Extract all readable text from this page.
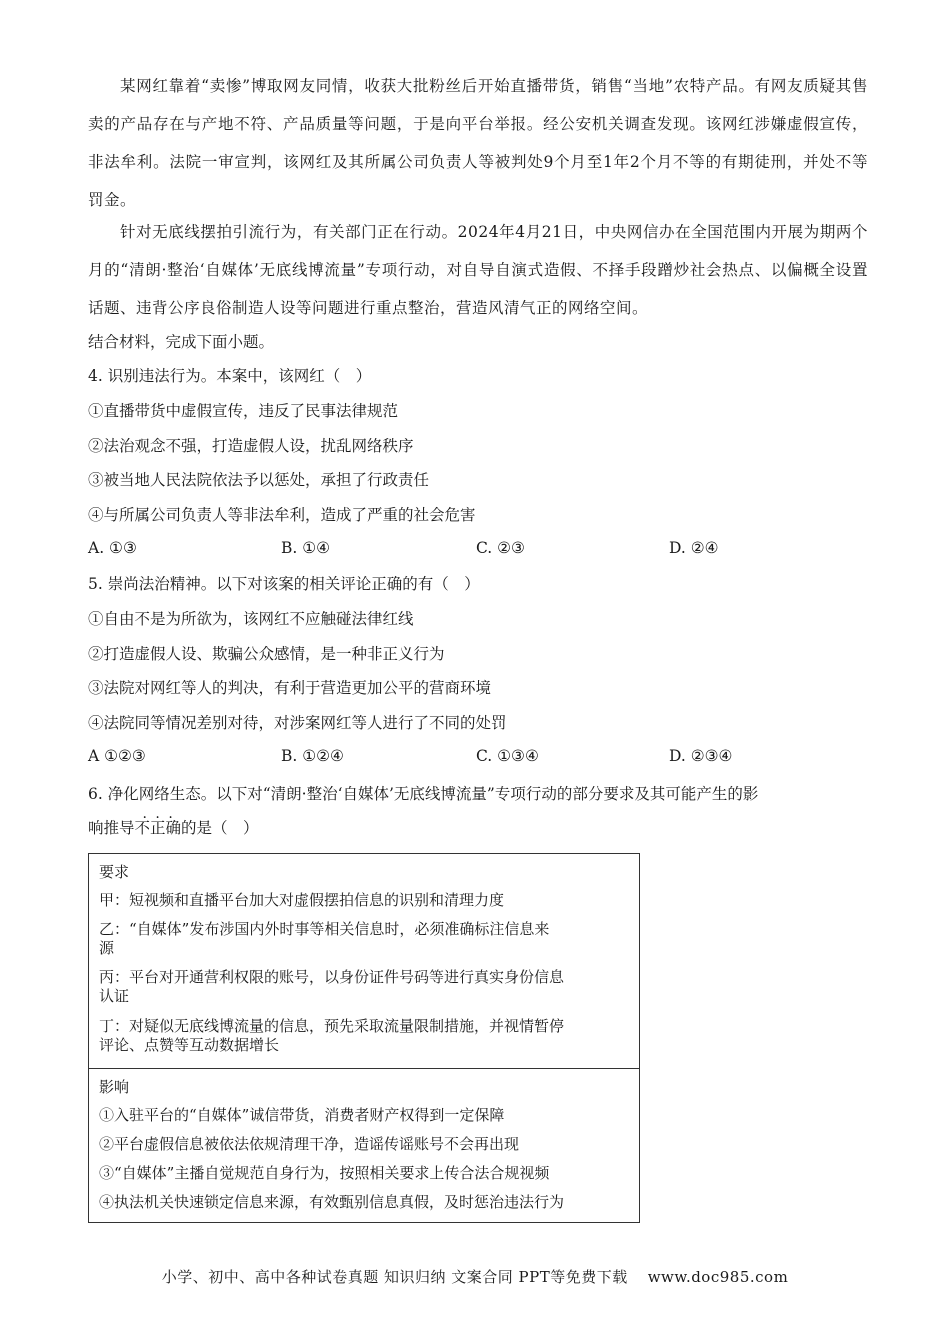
某网红靠着“卖惨”博取网友同情，收获大批粉丝后开始直播带货，销售“当地”农特产品。有网友质疑其售卖的产品存在与产地不符、产品质量等问题，于是向平台举报。经公安机关调查发现。该网红涉嫌虚假宣传，非法牟利。法院一审宣判，该网红及其所属公司负责人等被判处9个月至1年2个月不等的有期徒刑，并处不等罚金。
针对无底线摆拍引流行为，有关部门正在行动。2024年4月21日，中央网信办在全国范围内开展为期两个月的“清朗·整治‘自媒体’无底线博流量”专项行动，对自导自演式造假、不择手段蹭炒社会热点、以偏概全设置话题、违背公序良俗制造人设等问题进行重点整治，营造风清气正的网络空间。
结合材料，完成下面小题。
4. 识别违法行为。本案中，该网红（　）
①直播带货中虚假宣传，违反了民事法律规范
②法治观念不强，打造虚假人设，扰乱网络秩序
③被当地人民法院依法予以惩处，承担了行政责任
④与所属公司负责人等非法牟利，造成了严重的社会危害
A. ①③	B. ①④	C. ②③	D. ②④
5. 崇尚法治精神。以下对该案的相关评论正确的有（　）
①自由不是为所欲为，该网红不应触碰法律红线
②打造虚假人设、欺骗公众感情，是一种非正义行为
③法院对网红等人的判决，有利于营造更加公平的营商环境
④法院同等情况差别对待，对涉案网红等人进行了不同的处罚
A ①②③	B. ①②④	C. ①③④	D. ②③④
6. 净化网络生态。以下对“清朗·整治‘自媒体’无底线博流量”专项行动的部分要求及其可能产生的影
响推导不正确 · · ·的是（　）
要求
甲：短视频和直播平台加大对虚假摆拍信息的识别和清理力度
乙：“自媒体”发布涉国内外时事等相关信息时，必须准确标注信息来
源
丙：平台对开通营利权限的账号，以身份证件号码等进行真实身份信息
认证
丁：对疑似无底线博流量的信息，预先采取流量限制措施，并视情暂停
评论、点赞等互动数据增长
影响
①入驻平台的“自媒体”诚信带货，消费者财产权得到一定保障
②平台虚假信息被依法依规清理干净，造谣传谣账号不会再出现
③“自媒体”主播自觉规范自身行为，按照相关要求上传合法合规视频
④执法机关快速锁定信息来源，有效甄别信息真假，及时惩治违法行为
小学、初中、高中各种试卷真题 知识归纳 文案合同 PPT等免费下载 www.doc985.com
